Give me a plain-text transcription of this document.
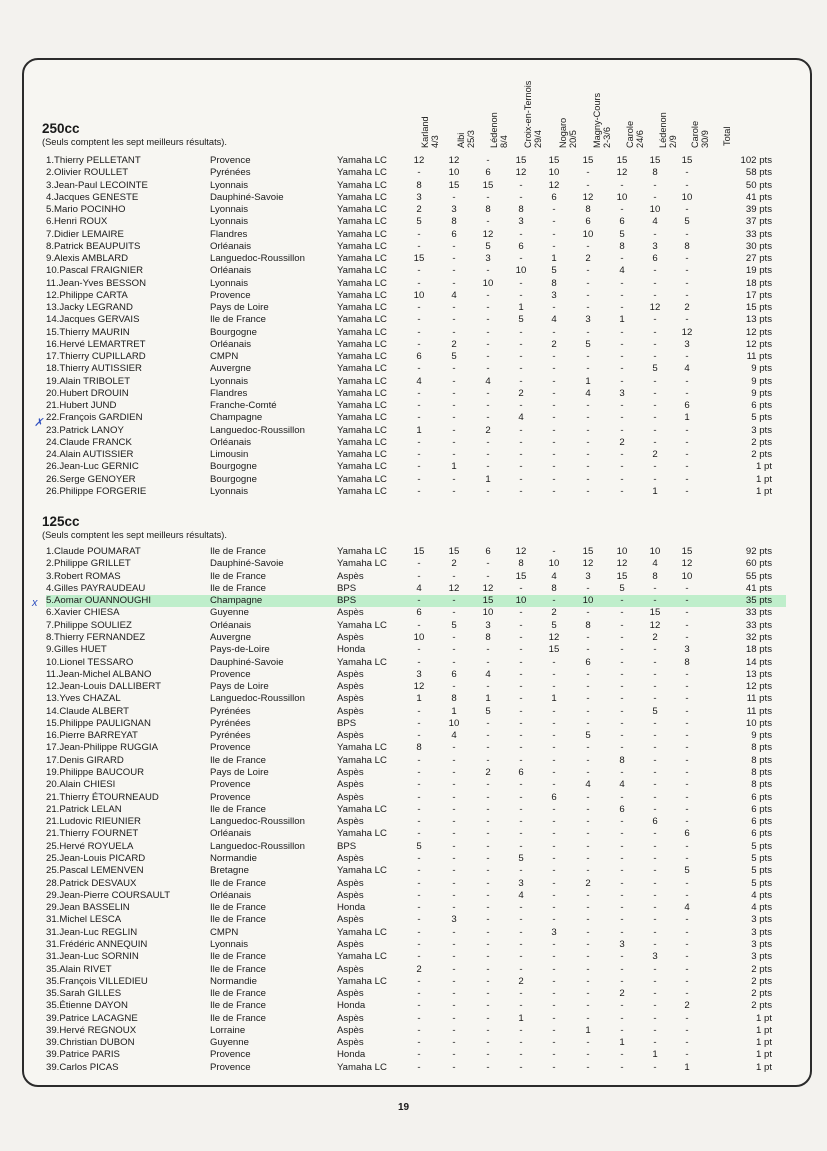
Karland 4/3 Albi 25/3 Lédenon 8/4 Croix-en-Ternois 29/4 Nogaro 20/5 Magny-Cours 2-3/6 Carole 24/6 Lédenon 2/9 Carole 30/9 Total
250cc
(Seuls comptent les sept meilleurs résultats).
1.Thierry PELLETANT	Provence	Yamaha LC	12	12	-	15	15	15	15	15	15	102 pts
2.Olivier ROULLET	Pyrénées	Yamaha LC	-	10	6	12	10	-	12	8	-	58 pts
3.Jean-Paul LECOINTE	Lyonnais	Yamaha LC	8	15	15	-	12	-	-	-	-	50 pts
4.Jacques GENESTE	Dauphiné-Savoie	Yamaha LC	3	-	-	-	6	12	10	-	10	41 pts
5.Mario POCINHO	Lyonnais	Yamaha LC	2	3	8	8	-	8	-	10	-	39 pts
6.Henri ROUX	Lyonnais	Yamaha LC	5	8	-	3	-	6	6	4	5	37 pts
7.Didier LEMAIRE	Flandres	Yamaha LC	-	6	12	-	-	10	5	-	-	33 pts
8.Patrick BEAUPUITS	Orléanais	Yamaha LC	-	-	5	6	-	-	8	3	8	30 pts
9.Alexis AMBLARD	Languedoc-Roussillon	Yamaha LC	15	-	3	-	1	2	-	6	-	27 pts
10.Pascal FRAIGNIER	Orléanais	Yamaha LC	-	-	-	10	5	-	4	-	-	19 pts
11.Jean-Yves BESSON	Lyonnais	Yamaha LC	-	-	10	-	8	-	-	-	-	18 pts
12.Philippe CARTA	Provence	Yamaha LC	10	4	-	-	3	-	-	-	-	17 pts
13.Jacky LEGRAND	Pays de Loire	Yamaha LC	-	-	-	1	-	-	-	12	2	15 pts
14.Jacques GERVAIS	Ile de France	Yamaha LC	-	-	-	5	4	3	1	-	-	13 pts
15.Thierry MAURIN	Bourgogne	Yamaha LC	-	-	-	-	-	-	-	-	12	12 pts
16.Hervé LEMARTRET	Orléanais	Yamaha LC	-	2	-	-	2	5	-	-	3	12 pts
17.Thierry CUPILLARD	CMPN	Yamaha LC	6	5	-	-	-	-	-	-	-	11 pts
18.Thierry AUTISSIER	Auvergne	Yamaha LC	-	-	-	-	-	-	-	5	4	9 pts
19.Alain TRIBOLET	Lyonnais	Yamaha LC	4	-	4	-	-	1	-	-	-	9 pts
20.Hubert DROUIN	Flandres	Yamaha LC	-	-	-	2	-	4	3	-	-	9 pts
21.Hubert JUND	Franche-Comté	Yamaha LC	-	-	-	-	-	-	-	-	6	6 pts
22.François GARDIEN	Champagne	Yamaha LC	-	-	-	4	-	-	-	-	1	5 pts
23.Patrick LANOY	Languedoc-Roussillon	Yamaha LC	1	-	2	-	-	-	-	-	-	3 pts
24.Claude FRANCK	Orléanais	Yamaha LC	-	-	-	-	-	-	2	-	-	2 pts
24.Alain AUTISSIER	Limousin	Yamaha LC	-	-	-	-	-	-	-	2	-	2 pts
26.Jean-Luc GERNIC	Bourgogne	Yamaha LC	-	1	-	-	-	-	-	-	-	1 pt
26.Serge GENOYER	Bourgogne	Yamaha LC	-	-	1	-	-	-	-	-	-	1 pt
26.Philippe FORGERIE	Lyonnais	Yamaha LC	-	-	-	-	-	-	-	1	-	1 pt
125cc
(Seuls comptent les sept meilleurs résultats).
1.Claude POUMARAT	Ile de France	Yamaha LC	15	15	6	12	-	15	10	10	15	92 pts
2.Philippe GRILLET	Dauphiné-Savoie	Yamaha LC	-	2	-	8	10	12	12	4	12	60 pts
3.Robert ROMAS	Ile de France	Aspès	-	-	-	15	4	3	15	8	10	55 pts
4.Gilles PAYRAUDEAU	Ile de France	BPS	4	12	12	-	8	-	5	-	-	41 pts
5.Aomar OUANNOUGHI	Champagne	BPS	-	-	15	10	-	10	-	-	-	35 pts
6.Xavier CHIESA	Guyenne	Aspès	6	-	10	-	2	-	-	15	-	33 pts
7.Philippe SOULIEZ	Orléanais	Yamaha LC	-	5	3	-	5	8	-	12	-	33 pts
8.Thierry FERNANDEZ	Auvergne	Aspès	10	-	8	-	12	-	-	2	-	32 pts
9.Gilles HUET	Pays-de-Loire	Honda	-	-	-	-	15	-	-	-	3	18 pts
10.Lionel TESSARO	Dauphiné-Savoie	Yamaha LC	-	-	-	-	-	6	-	-	8	14 pts
11.Jean-Michel ALBANO	Provence	Aspès	3	6	4	-	-	-	-	-	-	13 pts
12.Jean-Louis DALLIBERT	Pays de Loire	Aspès	12	-	-	-	-	-	-	-	-	12 pts
13.Yves CHAZAL	Languedoc-Roussillon	Aspès	1	8	1	-	1	-	-	-	-	11 pts
14.Claude ALBERT	Pyrénées	Aspès	-	1	5	-	-	-	-	5	-	11 pts
15.Philippe PAULIGNAN	Pyrénées	BPS	-	10	-	-	-	-	-	-	-	10 pts
16.Pierre BARREYAT	Pyrénées	Aspès	-	4	-	-	-	5	-	-	-	9 pts
17.Jean-Philippe RUGGIA	Provence	Yamaha LC	8	-	-	-	-	-	-	-	-	8 pts
17.Denis GIRARD	Ile de France	Yamaha LC	-	-	-	-	-	-	8	-	-	8 pts
19.Philippe BAUCOUR	Pays de Loire	Aspès	-	-	2	6	-	-	-	-	-	8 pts
20.Alain CHIESI	Provence	Aspès	-	-	-	-	-	4	4	-	-	8 pts
21.Thierry ÉTOURNEAUD	Provence	Aspès	-	-	-	-	6	-	-	-	-	6 pts
21.Patrick LELAN	Ile de France	Yamaha LC	-	-	-	-	-	-	6	-	-	6 pts
21.Ludovic RIEUNIER	Languedoc-Roussillon	Aspès	-	-	-	-	-	-	-	6	-	6 pts
21.Thierry FOURNET	Orléanais	Yamaha LC	-	-	-	-	-	-	-	-	6	6 pts
25.Hervé ROYUELA	Languedoc-Roussillon	BPS	5	-	-	-	-	-	-	-	-	5 pts
25.Jean-Louis PICARD	Normandie	Aspès	-	-	-	5	-	-	-	-	-	5 pts
25.Pascal LEMENVEN	Bretagne	Yamaha LC	-	-	-	-	-	-	-	-	5	5 pts
28.Patrick DESVAUX	Ile de France	Aspès	-	-	-	3	-	2	-	-	-	5 pts
29.Jean-Pierre COURSAULT	Orléanais	Aspès	-	-	-	4	-	-	-	-	-	4 pts
29.Jean BASSELIN	Ile de France	Honda	-	-	-	-	-	-	-	-	4	4 pts
31.Michel LESCA	Ile de France	Aspès	-	3	-	-	-	-	-	-	-	3 pts
31.Jean-Luc REGLIN	CMPN	Yamaha LC	-	-	-	-	3	-	-	-	-	3 pts
31.Frédéric ANNEQUIN	Lyonnais	Aspès	-	-	-	-	-	-	3	-	-	3 pts
31.Jean-Luc SORNIN	Ile de France	Yamaha LC	-	-	-	-	-	-	-	3	-	3 pts
35.Alain RIVET	Ile de France	Aspès	2	-	-	-	-	-	-	-	-	2 pts
35.François VILLEDIEU	Normandie	Yamaha LC	-	-	-	2	-	-	-	-	-	2 pts
35.Sarah GILLES	Ile de France	Aspès	-	-	-	-	-	-	2	-	-	2 pts
35.Étienne DAYON	Ile de France	Honda	-	-	-	-	-	-	-	-	2	2 pts
39.Patrice LACAGNE	Ile de France	Aspès	-	-	-	1	-	-	-	-	-	1 pt
39.Hervé REGNOUX	Lorraine	Aspès	-	-	-	-	-	1	-	-	-	1 pt
39.Christian DUBON	Guyenne	Aspès	-	-	-	-	-	-	1	-	-	1 pt
39.Patrice PARIS	Provence	Honda	-	-	-	-	-	-	-	1	-	1 pt
39.Carlos PICAS	Provence	Yamaha LC	-	-	-	-	-	-	-	-	1	1 pt
✗
x
19
